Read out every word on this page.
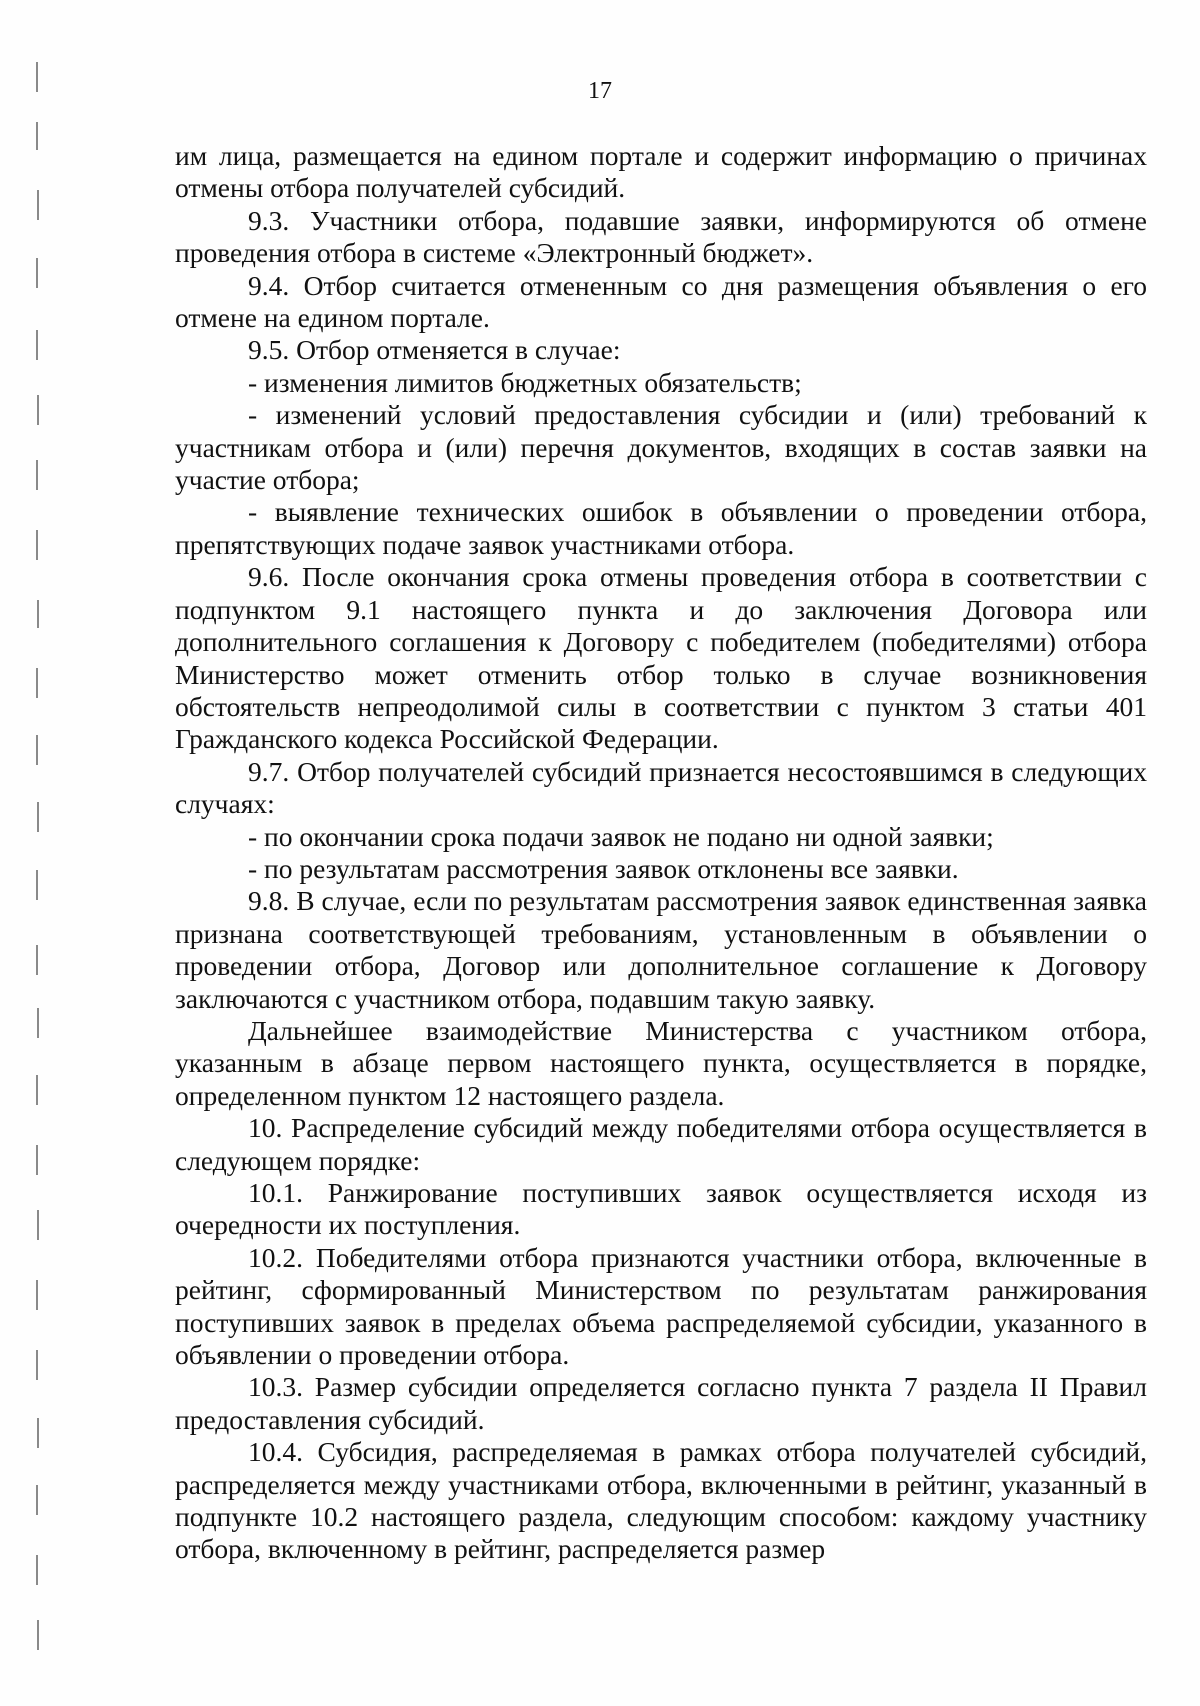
17

им лица, размещается на едином портале и содержит информацию о причинах отмены отбора получателей субсидий.

9.3. Участники отбора, подавшие заявки, информируются об отмене проведения отбора в системе «Электронный бюджет».

9.4. Отбор считается отмененным со дня размещения объявления о его отмене на едином портале.

9.5. Отбор отменяется в случае:

- изменения лимитов бюджетных обязательств;

- изменений условий предоставления субсидии и (или) требований к участникам отбора и (или) перечня документов, входящих в состав заявки на участие отбора;

- выявление технических ошибок в объявлении о проведении отбора, препятствующих подаче заявок участниками отбора.

9.6. После окончания срока отмены проведения отбора в соответствии с подпунктом 9.1 настоящего пункта и до заключения Договора или дополнительного соглашения к Договору с победителем (победителями) отбора Министерство может отменить отбор только в случае возникновения обстоятельств непреодолимой силы в соответствии с пунктом 3 статьи 401 Гражданского кодекса Российской Федерации.

9.7. Отбор получателей субсидий признается несостоявшимся в следующих случаях:

- по окончании срока подачи заявок не подано ни одной заявки;

- по результатам рассмотрения заявок отклонены все заявки.

9.8. В случае, если по результатам рассмотрения заявок единственная заявка признана соответствующей требованиям, установленным в объявлении о проведении отбора, Договор или дополнительное соглашение к Договору заключаются с участником отбора, подавшим такую заявку.

Дальнейшее взаимодействие Министерства с участником отбора, указанным в абзаце первом настоящего пункта, осуществляется в порядке, определенном пунктом 12 настоящего раздела.

10. Распределение субсидий между победителями отбора осуществляется в следующем порядке:

10.1. Ранжирование поступивших заявок осуществляется исходя из очередности их поступления.

10.2. Победителями отбора признаются участники отбора, включенные в рейтинг, сформированный Министерством по результатам ранжирования поступивших заявок в пределах объема распределяемой субсидии, указанного в объявлении о проведении отбора.

10.3. Размер субсидии определяется согласно пункта 7 раздела II Правил предоставления субсидий.

10.4. Субсидия, распределяемая в рамках отбора получателей субсидий, распределяется между участниками отбора, включенными в рейтинг, указанный в подпункте 10.2 настоящего раздела, следующим способом: каждому участнику отбора, включенному в рейтинг, распределяется размер
